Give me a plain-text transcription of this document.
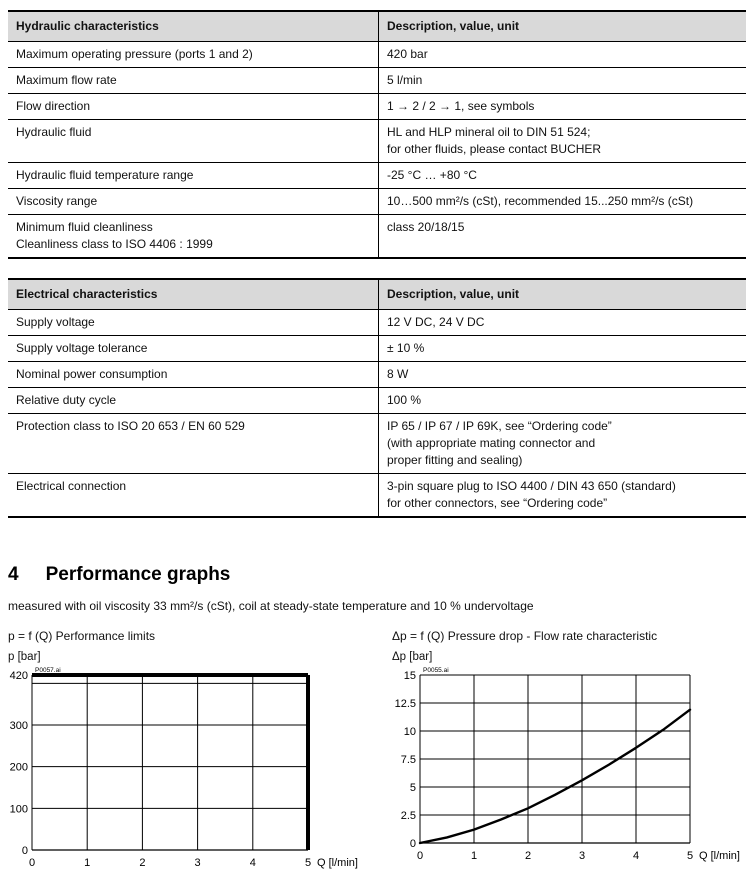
Hydraulic characteristics	Description, value, unit
Maximum operating pressure (ports 1 and 2)	420 bar
Maximum flow rate	5 l/min
Flow direction	1 → 2 / 2 → 1, see symbols
Hydraulic fluid	HL and HLP mineral oil to DIN 51 524;
for other fluids, please contact BUCHER
Hydraulic fluid temperature range	-25 °C … +80 °C
Viscosity range	10…500 mm²/s (cSt), recommended 15...250 mm²/s (cSt)
Minimum fluid cleanliness
Cleanliness class to ISO 4406 : 1999	class 20/18/15
Electrical characteristics	Description, value, unit
Supply voltage	12 V DC, 24 V DC
Supply voltage tolerance	± 10 %
Nominal power consumption	8 W
Relative duty cycle	100 %
Protection class to ISO 20 653 / EN 60 529	IP 65 / IP 67 / IP 69K, see “Ordering code”
(with appropriate mating connector and
proper fitting and sealing)
Electrical connection	3-pin square plug to ISO 4400 / DIN 43 650 (standard)
for other connectors, see “Ordering code”
4 Performance graphs
measured with oil viscosity 33 mm²/s (cSt), coil at steady-state temperature and 10 % undervoltage
p = f (Q) Performance limits
p [bar]
420
300
200
100
0
0	1	2	3	4	5 Q [l/min]
P0057.ai
Δp = f (Q) Pressure drop - Flow rate characteristic
Δp [bar]
15
12.5
10
7.5
5
2.5
0
0	1	2	3	4	5 Q [l/min]
P0055.ai
